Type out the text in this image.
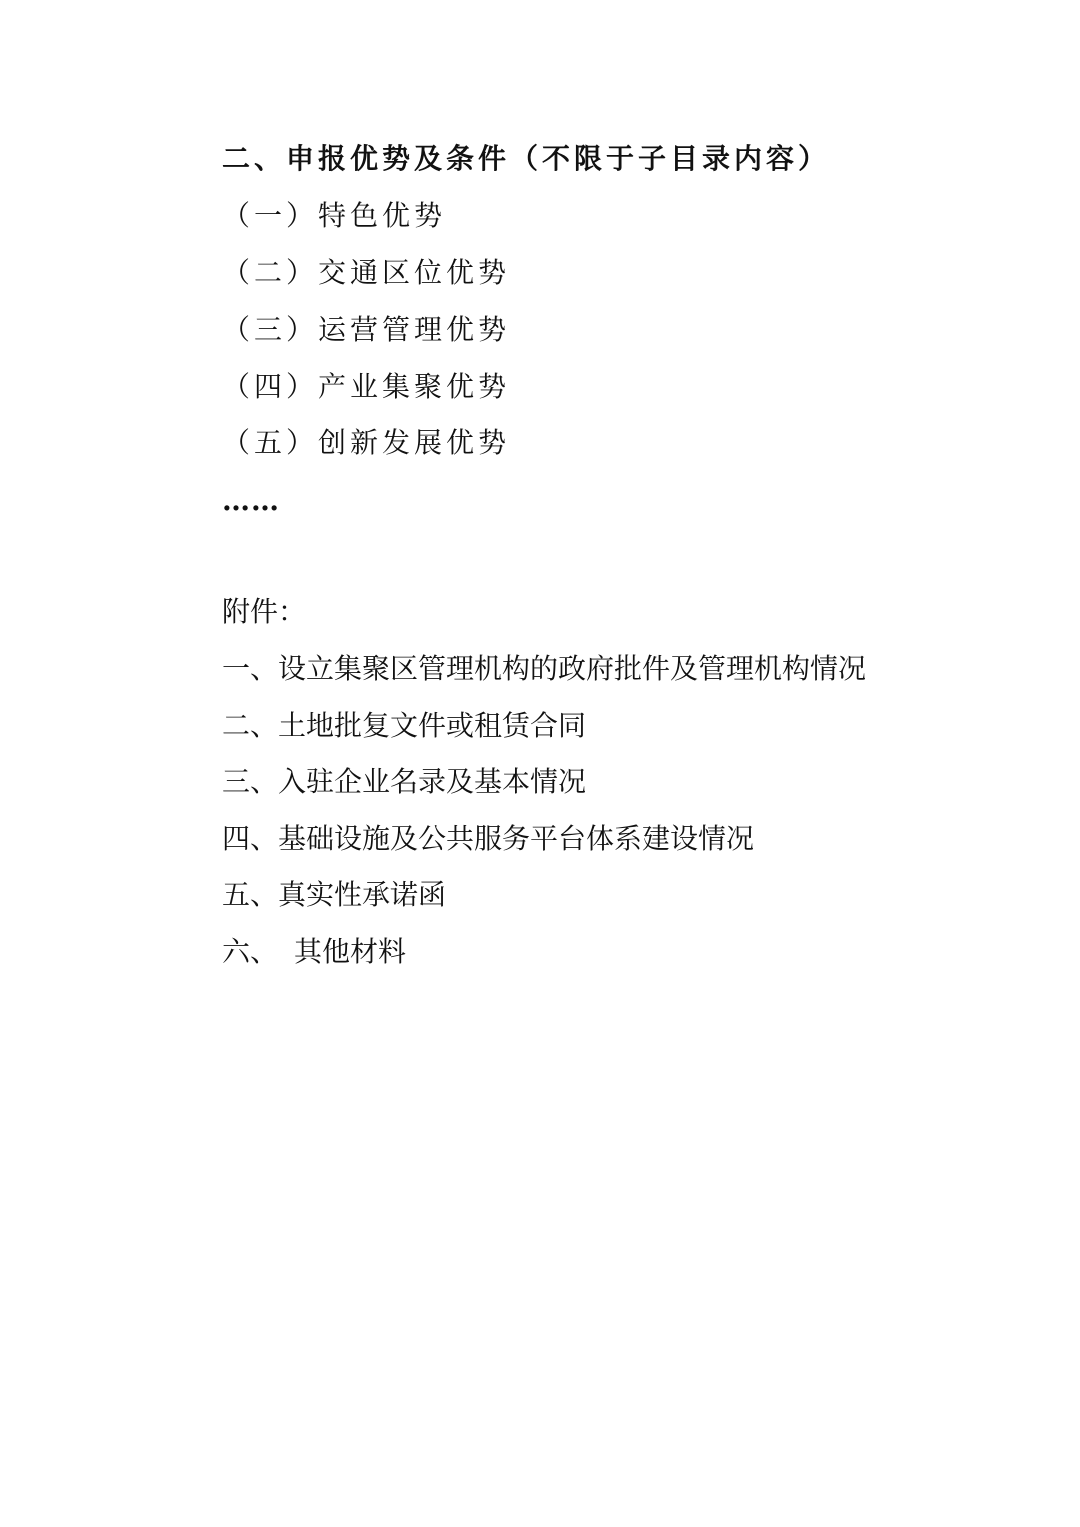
二、申报优势及条件（不限于子目录内容）
（一）特色优势
（二）交通区位优势
（三）运营管理优势
（四）产业集聚优势
（五）创新发展优势
……
附件：
一、设立集聚区管理机构的政府批件及管理机构情况
二、土地批复文件或租赁合同
三、入驻企业名录及基本情况
四、基础设施及公共服务平台体系建设情况
五、真实性承诺函
六、 其他材料
